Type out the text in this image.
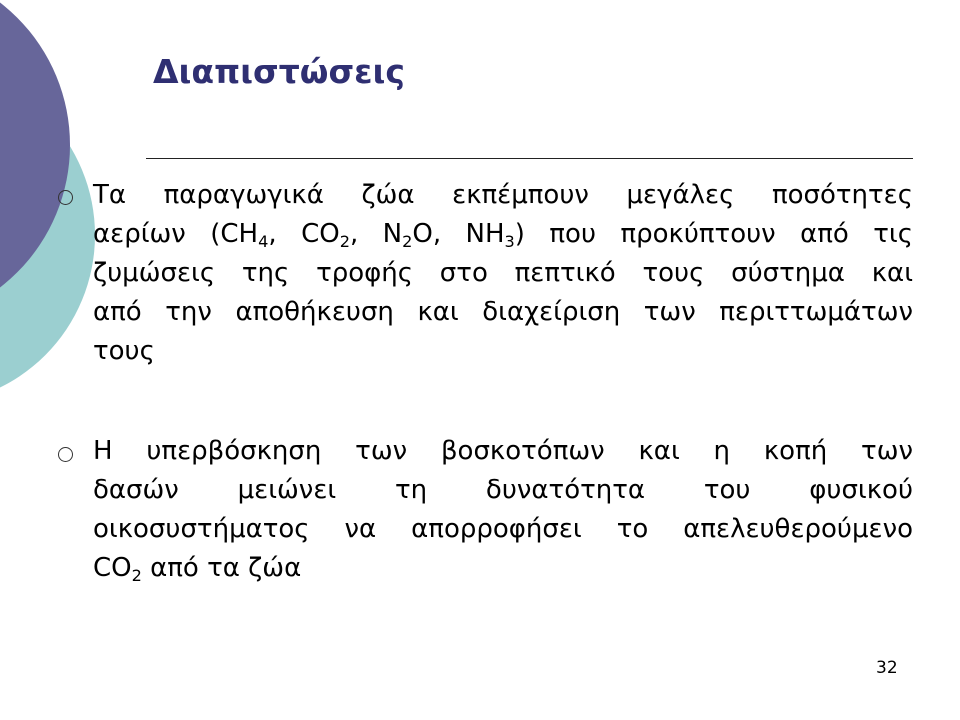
Διαπιστώσεις
Τα παραγωγικά ζώα εκπέμπουν μεγάλες ποσότητες
αερίων ($CH_4$, $CO_2$, $N_2O$, $NH_3$) που προκύπτουν από τις
ζυμώσεις της τροφής στο πεπτικό τους σύστημα και
από την αποθήκευση και διαχείριση των περιττωμάτων
τους
Η υπερβόσκηση των βοσκοτόπων και η κοπή των
δασών μειώνει τη δυνατότητα του φυσικού
οικοσυστήματος να απορροφήσει το απελευθερούμενο
$CO_2$ από τα ζώα
32
